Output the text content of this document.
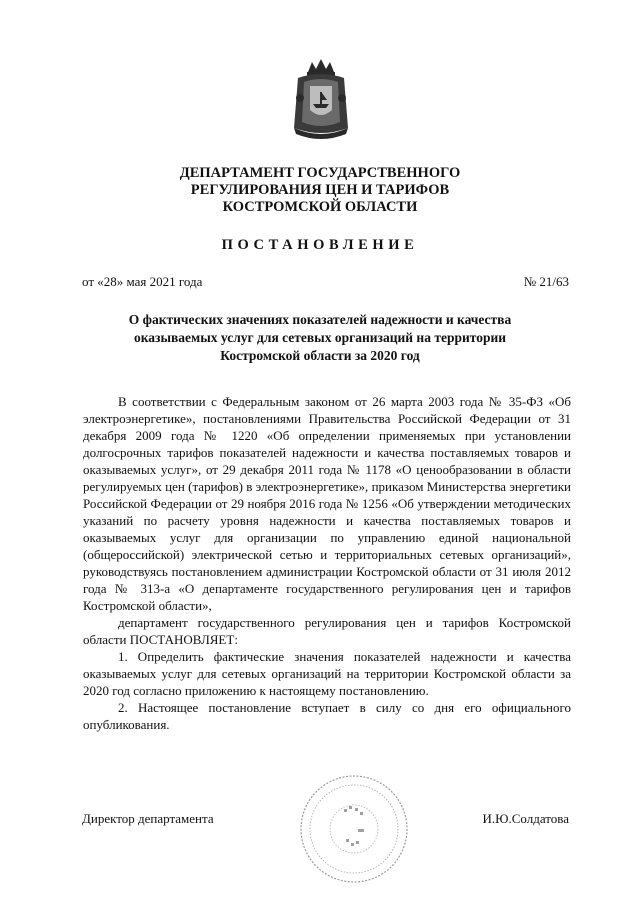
ДЕПАРТАМЕНТ ГОСУДАРСТВЕННОГО
РЕГУЛИРОВАНИЯ ЦЕН И ТАРИФОВ
КОСТРОМСКОЙ ОБЛАСТИ
ПОСТАНОВЛЕНИЕ
от «28» мая 2021 года	№ 21/63
О фактических значениях показателей надежности и качества
оказываемых услуг для сетевых организаций на территории
Костромской области за 2020 год

В соответствии с Федеральным законом от 26 марта 2003 года № 35-ФЗ «Об электроэнергетике», постановлениями Правительства Российской Федерации от 31 декабря 2009 года № 1220 «Об определении применяемых при установлении долгосрочных тарифов показателей надежности и качества поставляемых товаров и оказываемых услуг», от 29 декабря 2011 года № 1178 «О ценообразовании в области регулируемых цен (тарифов) в электроэнергетике», приказом Министерства энергетики Российской Федерации от 29 ноября 2016 года № 1256 «Об утверждении методических указаний по расчету уровня надежности и качества поставляемых товаров и оказываемых услуг для организации по управлению единой национальной (общероссийской) электрической сетью и территориальных сетевых организаций», руководствуясь постановлением администрации Костромской области от 31 июля 2012 года № 313-а «О департаменте государственного регулирования цен и тарифов Костромской области»,

департамент государственного регулирования цен и тарифов Костромской области ПОСТАНОВЛЯЕТ:

1. Определить фактические значения показателей надежности и качества оказываемых услуг для сетевых организаций на территории Костромской области за 2020 год согласно приложению к настоящему постановлению.

2. Настоящее постановление вступает в силу со дня его официального опубликования.

Директор департамента	И.Ю.Солдатова
